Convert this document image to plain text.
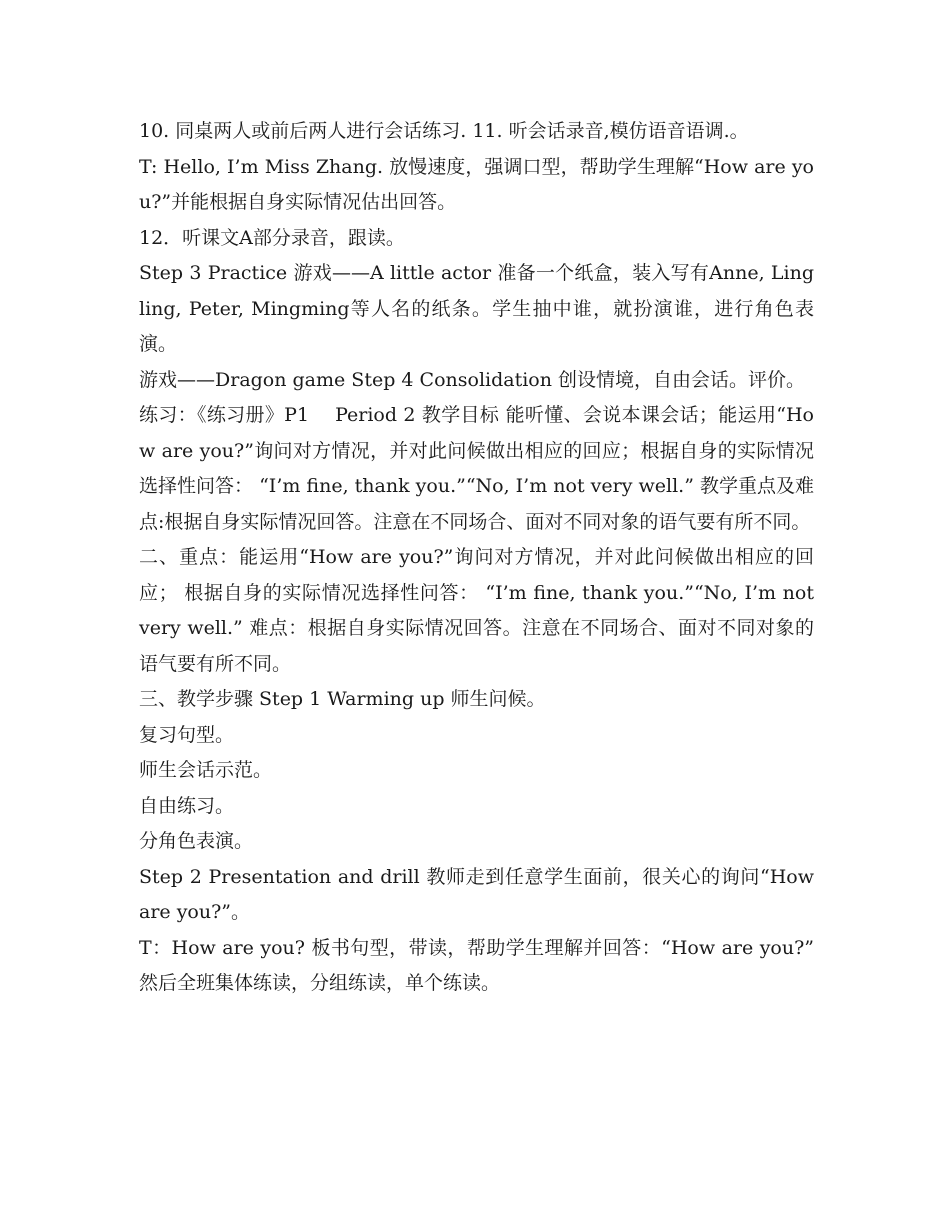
10. 同桌两人或前后两人进行会话练习. 11. 听会话录音,模仿语音语调.。

T: Hello, I’m Miss Zhang. 放慢速度，强调口型，帮助学生理解“How are you?”并能根据自身实际情况估出回答。

12．听课文A部分录音，跟读。

Step 3 Practice 游戏——A little actor 准备一个纸盒，装入写有Anne, Lingling, Peter, Mingming等人名的纸条。学生抽中谁，就扮演谁，进行角色表演。

游戏——Dragon game Step 4 Consolidation 创设情境，自由会话。评价。

练习：《练习册》P1　 Period 2 教学目标 能听懂、会说本课会话；能运用“How are you?”询问对方情况，并对此问候做出相应的回应；根据自身的实际情况选择性问答： “I’m fine, thank you.”“No, I’m not very well.” 教学重点及难点:根据自身实际情况回答。注意在不同场合、面对不同对象的语气要有所不同。

二、重点：能运用“How are you?”询问对方情况，并对此问候做出相应的回应； 根据自身的实际情况选择性问答： “I’m fine, thank you.”“No, I’m not very well.” 难点：根据自身实际情况回答。注意在不同场合、面对不同对象的语气要有所不同。

三、教学步骤 Step 1 Warming up 师生问候。

复习句型。

师生会话示范。

自由练习。

分角色表演。

Step 2 Presentation and drill 教师走到任意学生面前，很关心的询问“How are you?”。

T：How are you? 板书句型，带读，帮助学生理解并回答：“How are you?” 然后全班集体练读，分组练读，单个练读。
